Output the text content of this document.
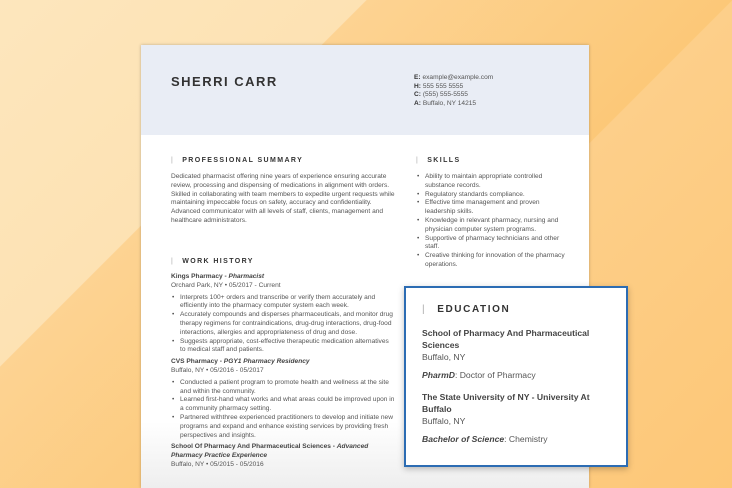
SHERRI CARR	E: example@example.com
H: 555 555 5555
C: (555) 555-5555
A: Buffalo, NY 14215
| PROFESSIONAL SUMMARY
Dedicated pharmacist offering nine years of experience ensuring accurate review, processing and dispensing of medications in alignment with orders. Skilled in collaborating with team members to expedite urgent requests while maintaining impeccable focus on safety, accuracy and confidentiality. Advanced communicator with all levels of staff, clients, management and healthcare administrators.
| SKILLS
• Ability to maintain appropriate controlled substance records.
• Regulatory standards compliance.
• Effective time management and proven leadership skills.
• Knowledge in relevant pharmacy, nursing and physician computer system programs.
• Supportive of pharmacy technicians and other staff.
• Creative thinking for innovation of the pharmacy operations.
| WORK HISTORY
Kings Pharmacy - Pharmacist
Orchard Park, NY • 05/2017 - Current
• Interprets 100+ orders and transcribe or verify them accurately and efficiently into the pharmacy computer system each week.
• Accurately compounds and disperses pharmaceuticals, and monitor drug therapy regimens for contraindications, drug-drug interactions, drug-food interactions, allergies and appropriateness of drug and dose.
• Suggests appropriate, cost-effective therapeutic medication alternatives to medical staff and patients.
CVS Pharmacy - PGY1 Pharmacy Residency
Buffalo, NY • 05/2016 - 05/2017
• Conducted a patient program to promote health and wellness at the site and within the community.
• Learned first-hand what works and what areas could be improved upon in a community pharmacy setting.
• Partnered withthree experienced practitioners to develop and initiate new programs and expand and enhance existing services by providing fresh perspectives and insights.
School Of Pharmacy And Pharmaceutical Sciences - Advanced Pharmacy Practice Experience
Buffalo, NY • 05/2015 - 05/2016
| EDUCATION
School of Pharmacy And Pharmaceutical Sciences
Buffalo, NY
PharmD: Doctor of Pharmacy
The State University of NY - University At Buffalo
Buffalo, NY
Bachelor of Science: Chemistry
